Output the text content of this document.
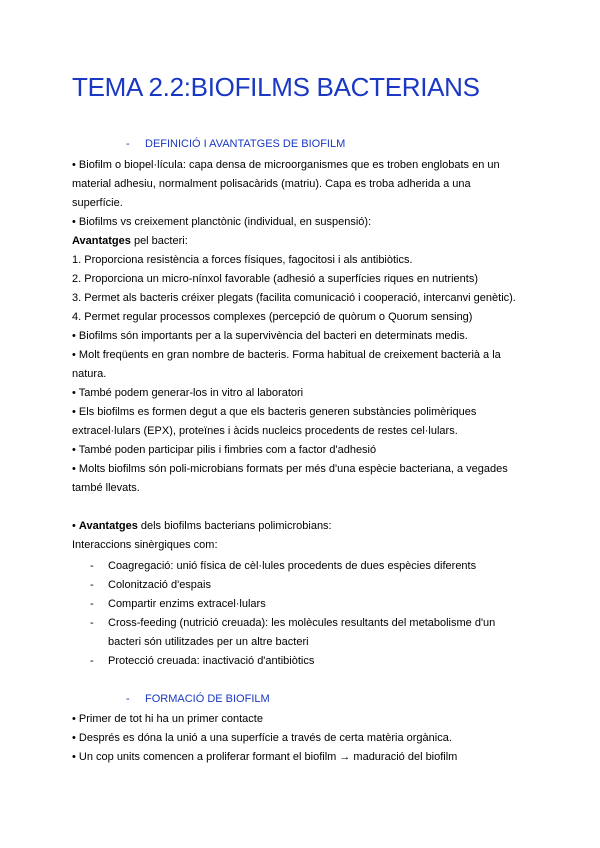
TEMA 2.2:BIOFILMS BACTERIANS
- DEFINICIÓ I AVANTATGES DE BIOFILM
• Biofilm o biopel·lícula: capa densa de microorganismes que es troben englobats en un
material adhesiu, normalment polisacàrids (matriu). Capa es troba adherida a una
superfície.
• Biofilms vs creixement planctònic (individual, en suspensió):
Avantatges pel bacteri:
1. Proporciona resistència a forces físiques, fagocitosi i als antibiòtics.
2. Proporciona un micro-nínxol favorable (adhesió a superfícies riques en nutrients)
3. Permet als bacteris créixer plegats (facilita comunicació i cooperació, intercanvi genètic).
4. Permet regular processos complexes (percepció de quòrum o Quorum sensing)
• Biofilms són importants per a la supervivència del bacteri en determinats medis.
• Molt freqüents en gran nombre de bacteris. Forma habitual de creixement bacterià a la
natura.
• També podem generar-los in vitro al laboratori
• Els biofilms es formen degut a que els bacteris generen substàncies polimèriques
extracel·lulars (EPX), proteïnes i àcids nucleics procedents de restes cel·lulars.
• També poden participar pilis i fimbries com a factor d'adhesió
• Molts biofilms són poli-microbians formats per més d'una espècie bacteriana, a vegades
també llevats.
• Avantatges dels biofilms bacterians polimicrobians:
Interaccions sinèrgiques com:
- Coagregació: unió física de cèl·lules procedents de dues espècies diferents
- Colonització d'espais
- Compartir enzims extracel·lulars
- Cross-feeding (nutrició creuada): les molècules resultants del metabolisme d'un
bacteri són utilitzades per un altre bacteri
- Protecció creuada: inactivació d'antibiòtics
- FORMACIÓ DE BIOFILM
• Primer de tot hi ha un primer contacte
• Després es dóna la unió a una superfície a través de certa matèria orgànica.
• Un cop units comencen a proliferar formant el biofilm → maduració del biofilm
